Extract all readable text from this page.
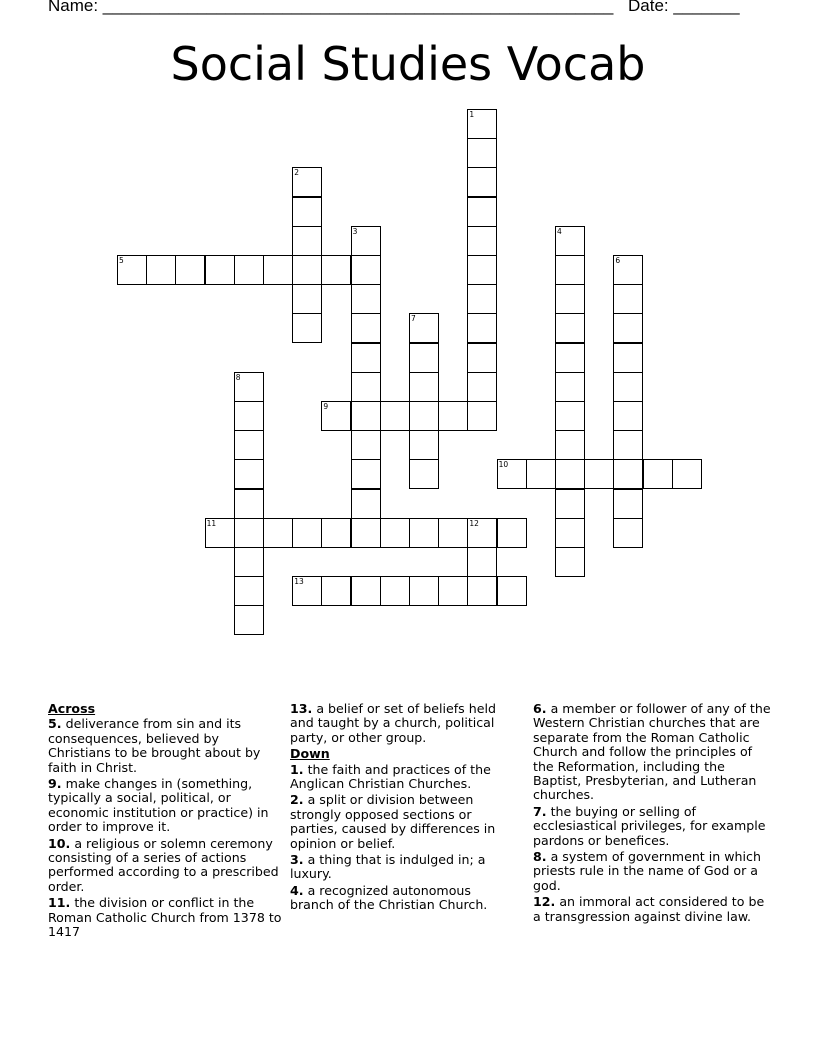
Name: ______________________________________________________ Date: _______
Social Studies Vocab
1
2
3	4
5	6
7
8
9
10
11	12
13
Across
5. deliverance from sin and its consequences, believed by Christians to be brought about by faith in Christ.
9. make changes in (something, typically a social, political, or economic institution or practice) in order to improve it.
10. a religious or solemn ceremony consisting of a series of actions performed according to a prescribed order.
11. the division or conflict in the Roman Catholic Church from 1378 to 1417
13. a belief or set of beliefs held and taught by a church, political party, or other group.
Down
1. the faith and practices of the Anglican Christian Churches.
2. a split or division between strongly opposed sections or parties, caused by differences in opinion or belief.
3. a thing that is indulged in; a luxury.
4. a recognized autonomous branch of the Christian Church.
6. a member or follower of any of the Western Christian churches that are separate from the Roman Catholic Church and follow the principles of the Reformation, including the Baptist, Presbyterian, and Lutheran churches.
7. the buying or selling of ecclesiastical privileges, for example pardons or benefices.
8. a system of government in which priests rule in the name of God or a god.
12. an immoral act considered to be a transgression against divine law.
